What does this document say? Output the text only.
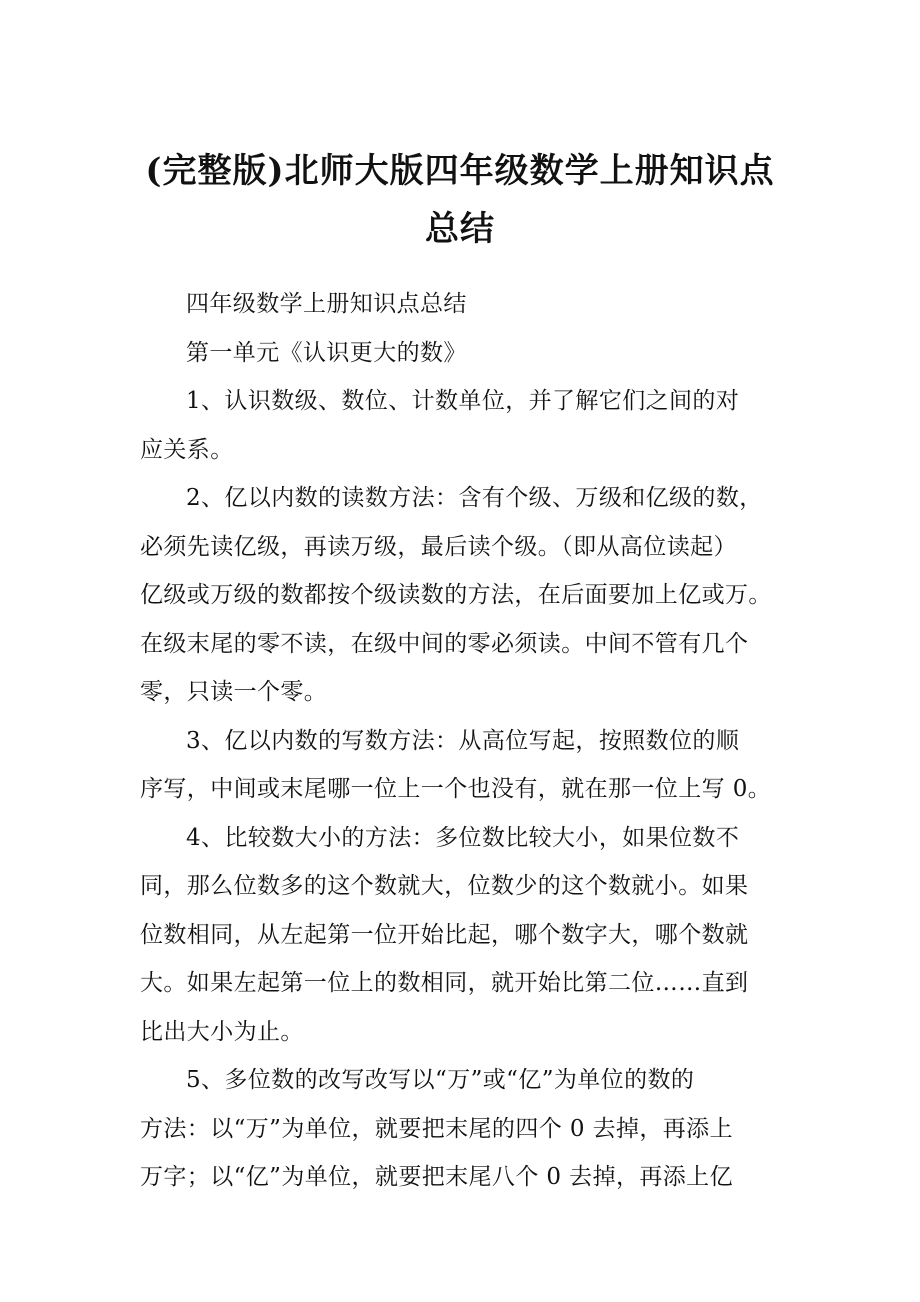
(完整版)北师大版四年级数学上册知识点
总结

四年级数学上册知识点总结

第一单元《认识更大的数》

1、认识数级、数位、计数单位，并了解它们之间的对

应关系。

2、亿以内数的读数方法：含有个级、万级和亿级的数，

必须先读亿级，再读万级，最后读个级。（即从高位读起）

亿级或万级的数都按个级读数的方法，在后面要加上亿或万。

在级末尾的零不读，在级中间的零必须读。中间不管有几个

零，只读一个零。

3、亿以内数的写数方法：从高位写起，按照数位的顺

序写，中间或末尾哪一位上一个也没有，就在那一位上写 0。

4、比较数大小的方法：多位数比较大小，如果位数不

同，那么位数多的这个数就大，位数少的这个数就小。如果

位数相同，从左起第一位开始比起，哪个数字大，哪个数就

大。如果左起第一位上的数相同，就开始比第二位……直到

比出大小为止。

5、多位数的改写改写以“万”或“亿”为单位的数的

方法：以“万”为单位，就要把末尾的四个 0 去掉，再添上

万字；以“亿”为单位，就要把末尾八个 0 去掉，再添上亿
